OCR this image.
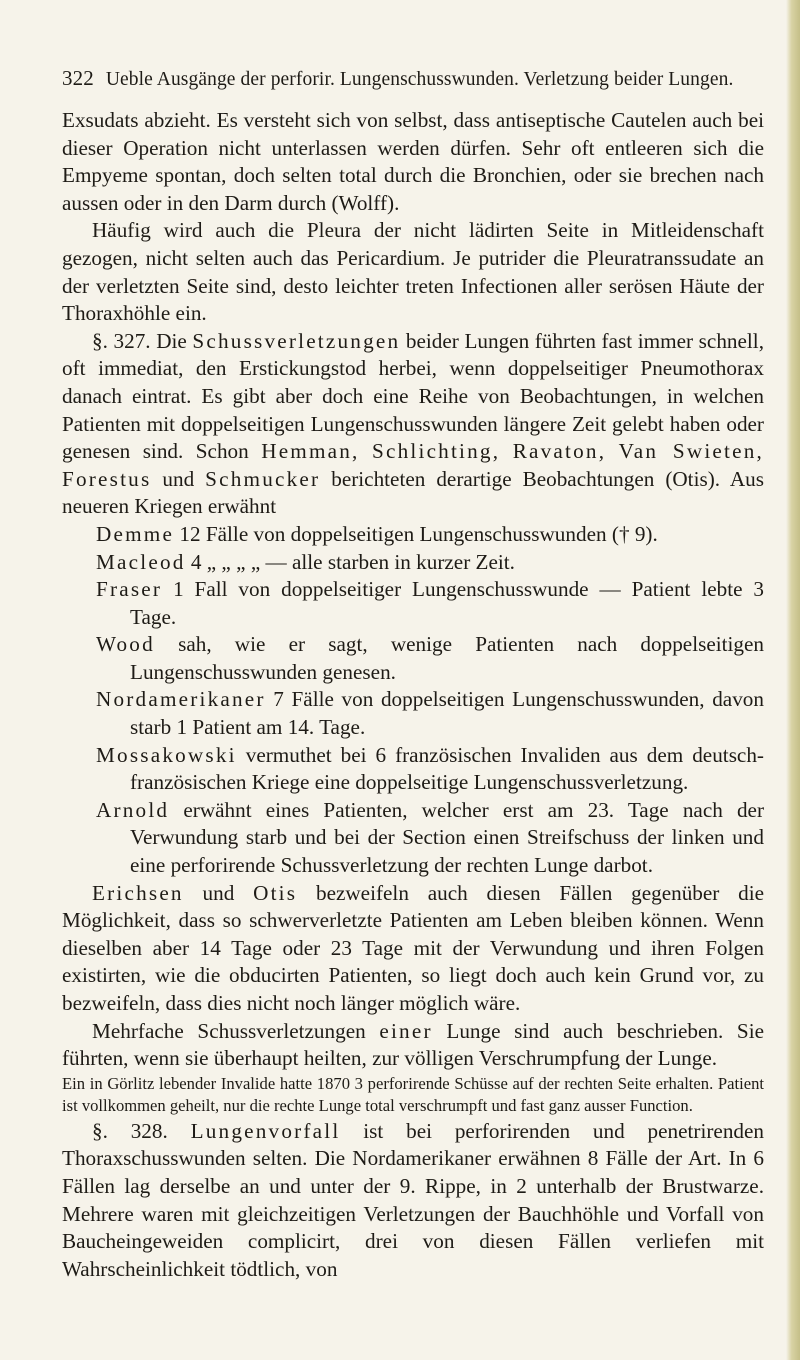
322 Ueble Ausgänge der perforir. Lungenschusswunden. Verletzung beider Lungen.

Exsudats abzieht. Es versteht sich von selbst, dass antiseptische Cautelen auch bei dieser Operation nicht unterlassen werden dürfen. Sehr oft entleeren sich die Empyeme spontan, doch selten total durch die Bronchien, oder sie brechen nach aussen oder in den Darm durch (Wolff).

Häufig wird auch die Pleura der nicht lädirten Seite in Mitleidenschaft gezogen, nicht selten auch das Pericardium. Je putrider die Pleuratranssudate an der verletzten Seite sind, desto leichter treten Infectionen aller serösen Häute der Thoraxhöhle ein.

§. 327. Die Schussverletzungen beider Lungen führten fast immer schnell, oft immediat, den Erstickungstod herbei, wenn doppelseitiger Pneumothorax danach eintrat. Es gibt aber doch eine Reihe von Beobachtungen, in welchen Patienten mit doppelseitigen Lungenschusswunden längere Zeit gelebt haben oder genesen sind. Schon Hemman, Schlichting, Ravaton, Van Swieten, Forestus und Schmucker berichteten derartige Beobachtungen (Otis). Aus neueren Kriegen erwähnt

Demme 12 Fälle von doppelseitigen Lungenschusswunden († 9).

Macleod 4 „ „ „ „ — alle starben in kurzer Zeit.

Fraser 1 Fall von doppelseitiger Lungenschusswunde — Patient lebte 3 Tage.

Wood sah, wie er sagt, wenige Patienten nach doppelseitigen Lungenschusswunden genesen.

Nordamerikaner 7 Fälle von doppelseitigen Lungenschusswunden, davon starb 1 Patient am 14. Tage.

Mossakowski vermuthet bei 6 französischen Invaliden aus dem deutsch-französischen Kriege eine doppelseitige Lungenschussverletzung.

Arnold erwähnt eines Patienten, welcher erst am 23. Tage nach der Verwundung starb und bei der Section einen Streifschuss der linken und eine perforirende Schussverletzung der rechten Lunge darbot.

Erichsen und Otis bezweifeln auch diesen Fällen gegenüber die Möglichkeit, dass so schwerverletzte Patienten am Leben bleiben können. Wenn dieselben aber 14 Tage oder 23 Tage mit der Verwundung und ihren Folgen existirten, wie die obducirten Patienten, so liegt doch auch kein Grund vor, zu bezweifeln, dass dies nicht noch länger möglich wäre.

Mehrfache Schussverletzungen einer Lunge sind auch beschrieben. Sie führten, wenn sie überhaupt heilten, zur völligen Verschrumpfung der Lunge.

Ein in Görlitz lebender Invalide hatte 1870 3 perforirende Schüsse auf der rechten Seite erhalten. Patient ist vollkommen geheilt, nur die rechte Lunge total verschrumpft und fast ganz ausser Function.

§. 328. Lungenvorfall ist bei perforirenden und penetrirenden Thoraxschusswunden selten. Die Nordamerikaner erwähnen 8 Fälle der Art. In 6 Fällen lag derselbe an und unter der 9. Rippe, in 2 unterhalb der Brustwarze. Mehrere waren mit gleichzeitigen Verletzungen der Bauchhöhle und Vorfall von Baucheingeweiden complicirt, drei von diesen Fällen verliefen mit Wahrscheinlichkeit tödtlich, von
